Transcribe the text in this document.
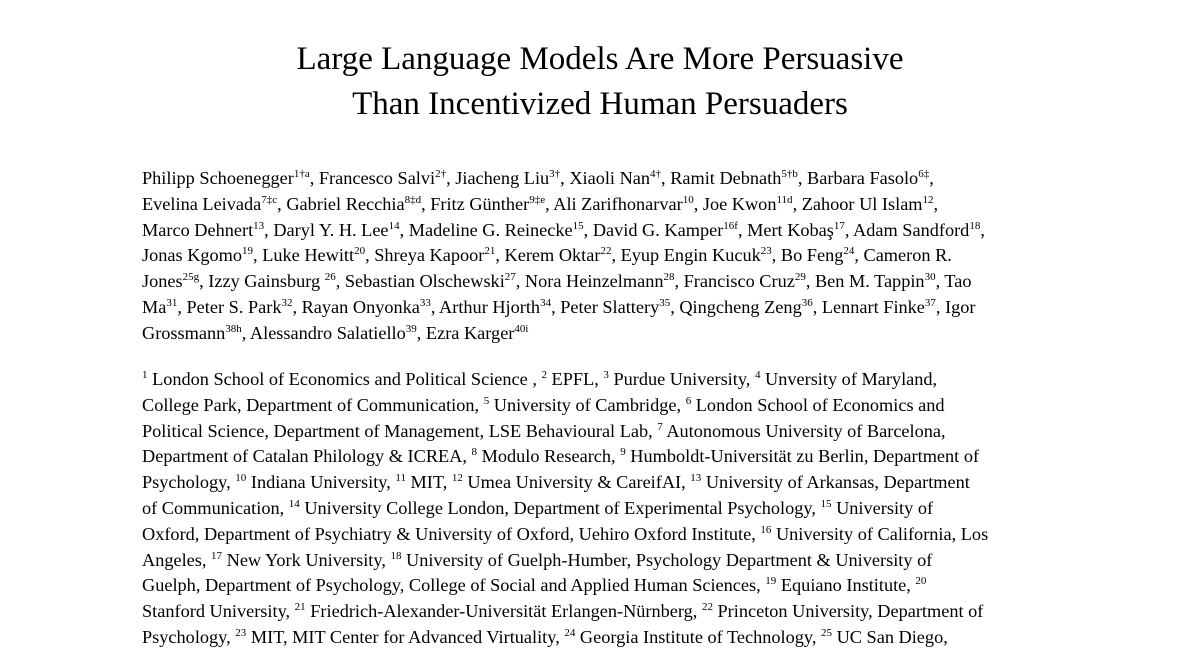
Large Language Models Are More Persuasive
Than Incentivized Human Persuaders
Philipp Schoenegger$^{1\dagger a}$, Francesco Salvi$^{2\dagger}$, Jiacheng Liu$^{3\dagger}$, Xiaoli Nan$^{4\dagger}$, Ramit Debnath$^{5\dagger b}$, Barbara Fasolo$^{6\ddagger}$,
Evelina Leivada$^{7\ddagger c}$, Gabriel Recchia$^{8\ddagger d}$, Fritz Günther$^{9\ddagger e}$, Ali Zarifhonarvar$^{10}$, Joe Kwon$^{11d}$, Zahoor Ul Islam$^{12}$,
Marco Dehnert$^{13}$, Daryl Y. H. Lee$^{14}$, Madeline G. Reinecke$^{15}$, David G. Kamper$^{16f}$, Mert Kobaş$^{17}$, Adam Sandford$^{18}$,
Jonas Kgomo$^{19}$, Luke Hewitt$^{20}$, Shreya Kapoor$^{21}$, Kerem Oktar$^{22}$, Eyup Engin Kucuk$^{23}$, Bo Feng$^{24}$, Cameron R.
Jones$^{25g}$, Izzy Gainsburg $^{26}$, Sebastian Olschewski$^{27}$, Nora Heinzelmann$^{28}$, Francisco Cruz$^{29}$, Ben M. Tappin$^{30}$, Tao
Ma$^{31}$, Peter S. Park$^{32}$, Rayan Onyonka$^{33}$, Arthur Hjorth$^{34}$, Peter Slattery$^{35}$, Qingcheng Zeng$^{36}$, Lennart Finke$^{37}$, Igor
Grossmann$^{38h}$, Alessandro Salatiello$^{39}$, Ezra Karger$^{40i}$
$^1$ London School of Economics and Political Science , $^2$ EPFL, $^3$ Purdue University, $^4$ Unversity of Maryland,
College Park, Department of Communication, $^5$ University of Cambridge, $^6$ London School of Economics and
Political Science, Department of Management, LSE Behavioural Lab, $^7$ Autonomous University of Barcelona,
Department of Catalan Philology & ICREA, $^8$ Modulo Research, $^9$ Humboldt-Universität zu Berlin, Department of
Psychology, $^{10}$ Indiana University, $^{11}$ MIT, $^{12}$ Umea University & CareifAI, $^{13}$ University of Arkansas, Department
of Communication, $^{14}$ University College London, Department of Experimental Psychology, $^{15}$ University of
Oxford, Department of Psychiatry & University of Oxford, Uehiro Oxford Institute, $^{16}$ University of California, Los
Angeles, $^{17}$ New York University, $^{18}$ University of Guelph-Humber, Psychology Department & University of
Guelph, Department of Psychology, College of Social and Applied Human Sciences, $^{19}$ Equiano Institute, $^{20}$
Stanford University, $^{21}$ Friedrich-Alexander-Universität Erlangen-Nürnberg, $^{22}$ Princeton University, Department of
Psychology, $^{23}$ MIT, MIT Center for Advanced Virtuality, $^{24}$ Georgia Institute of Technology, $^{25}$ UC San Diego,
